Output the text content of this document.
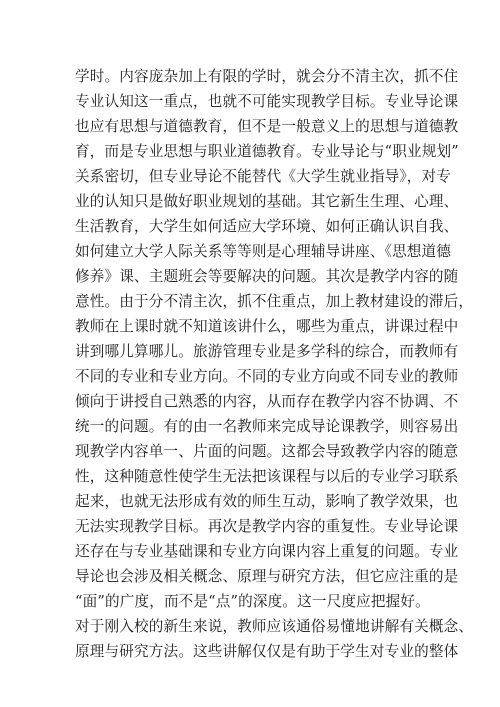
学时。内容庞杂加上有限的学时，就会分不清主次，抓不住
专业认知这一重点，也就不可能实现教学目标。专业导论课
也应有思想与道德教育，但不是一般意义上的思想与道德教
育，而是专业思想与职业道德教育。专业导论与“职业规划”
关系密切，但专业导论不能替代《大学生就业指导》，对专
业的认知只是做好职业规划的基础。其它新生生理、心理、
生活教育，大学生如何适应大学环境、如何正确认识自我、
如何建立大学人际关系等等则是心理辅导讲座、《思想道德
修养》课、主题班会等要解决的问题。其次是教学内容的随
意性。由于分不清主次，抓不住重点，加上教材建设的滞后，
教师在上课时就不知道该讲什么，哪些为重点，讲课过程中
讲到哪儿算哪儿。旅游管理专业是多学科的综合，而教师有
不同的专业和专业方向。不同的专业方向或不同专业的教师
倾向于讲授自己熟悉的内容，从而存在教学内容不协调、不
统一的问题。有的由一名教师来完成导论课教学，则容易出
现教学内容单一、片面的问题。这都会导致教学内容的随意
性，这种随意性使学生无法把该课程与以后的专业学习联系
起来，也就无法形成有效的师生互动，影响了教学效果，也
无法实现教学目标。再次是教学内容的重复性。专业导论课
还存在与专业基础课和专业方向课内容上重复的问题。专业
导论也会涉及相关概念、原理与研究方法，但它应注重的是
“面”的广度，而不是“点”的深度。这一尺度应把握好。
对于刚入校的新生来说，教师应该通俗易懂地讲解有关概念、
原理与研究方法。这些讲解仅仅是有助于学生对专业的整体
